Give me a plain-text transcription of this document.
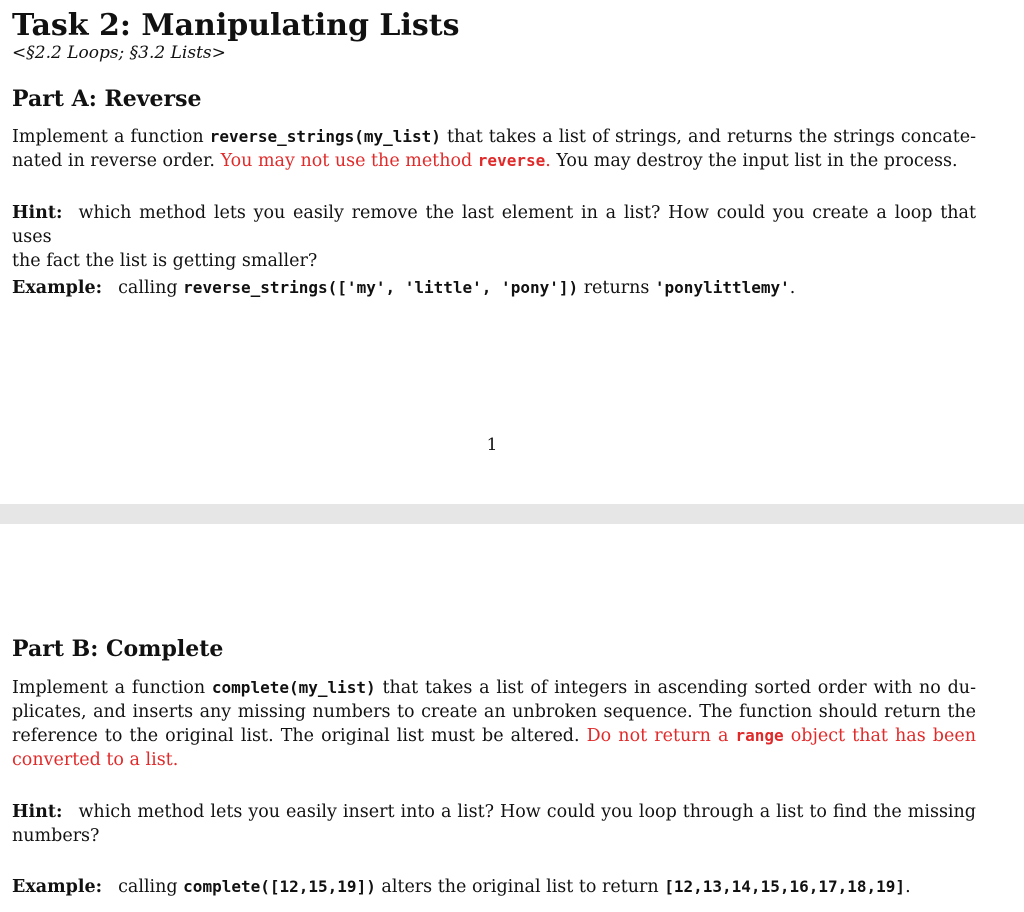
Task 2: Manipulating Lists
<§2.2 Loops; §3.2 Lists>
Part A: Reverse
Implement a function reverse_strings(my_list) that takes a list of strings, and returns the strings concate-
nated in reverse order. You may not use the method reverse. You may destroy the input list in the process.
Hint: which method lets you easily remove the last element in a list? How could you create a loop that uses
the fact the list is getting smaller?
Example: calling reverse_strings(['my', 'little', 'pony']) returns 'ponylittlemy'.
1
Part B: Complete
Implement a function complete(my_list) that takes a list of integers in ascending sorted order with no du-
plicates, and inserts any missing numbers to create an unbroken sequence. The function should return the
reference to the original list. The original list must be altered. Do not return a range object that has been
converted to a list.
Hint: which method lets you easily insert into a list? How could you loop through a list to find the missing
numbers?
Example: calling complete([12,15,19]) alters the original list to return [12,13,14,15,16,17,18,19].
